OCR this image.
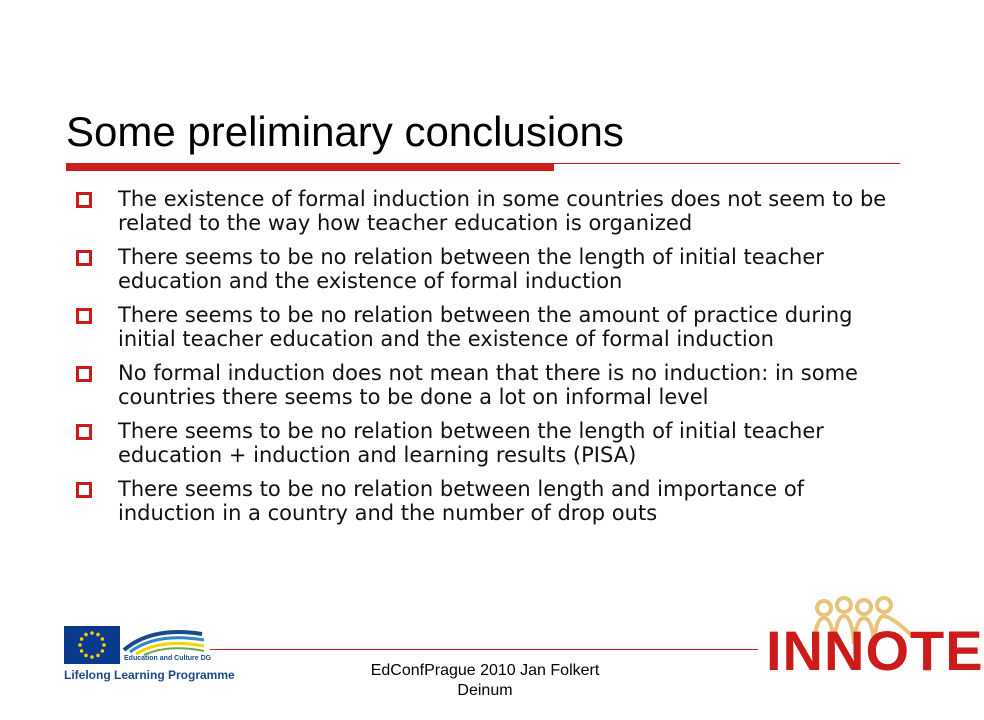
Some preliminary conclusions
The existence of formal induction in some countries does not seem to be related to the way how teacher education is organized
There seems to be no relation between the length of initial teacher education and the existence of formal induction
There seems to be no relation between the amount of practice during initial teacher education and the existence of formal induction
No formal induction does not mean that there is no induction: in some countries there seems to be done a lot on informal level
There seems to be no relation between the length of initial teacher education + induction and learning results (PISA)
There seems to be no relation between length and importance of induction in a country and the number of drop outs
EdConfPrague 2010 Jan Folkert Deinum
Education and Culture DG
Lifelong Learning Programme	INNOTE
